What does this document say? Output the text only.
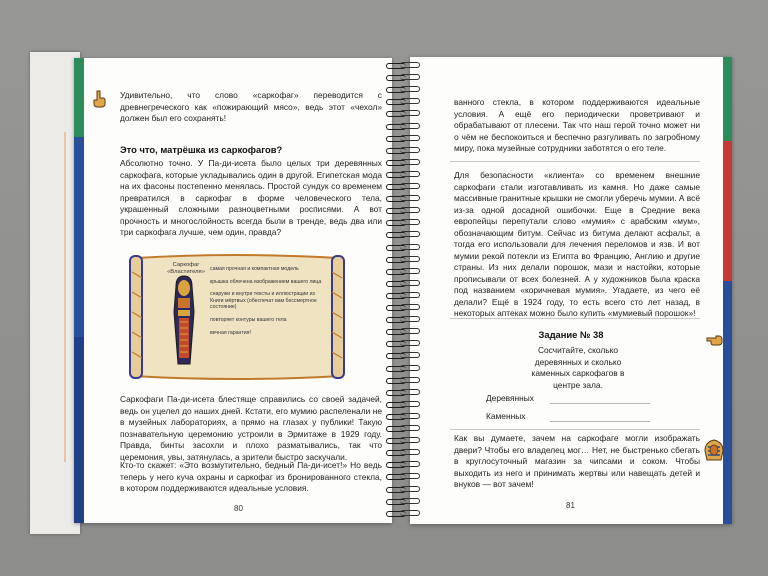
Удивительно, что слово «саркофаг» переводится с древнегреческого как «пожирающий мясо», ведь этот «чехол» должен был его сохранять!
Это что, матрёшка из саркофагов?
Абсолютно точно. У Па-ди-исета было целых три деревянных саркофага, которые укладывались один в другой. Египетская мода на их фасоны постепенно менялась. Простой сундук со временем превратился в саркофаг в форме человеческого тела, украшенный сложными разноцветными росписями. А вот прочность и многослойность всегда были в тренде, ведь два или три саркофага лучше, чем один, правда?
Саркофаги Па-ди-исета блестяще справились со своей задачей, ведь он уцелел до наших дней. Кстати, его мумию распеленали не в музейных лабораториях, а прямо на глазах у публики! Такую познавательную церемонию устроили в Эрмитаже в 1929 году. Правда, бинты засохли и плохо разматывались, так что церемония, увы, затянулась, а зрители быстро заскучали.
Кто-то скажет: «Это возмутительно, бедный Па-ди-исет!» Но ведь теперь у него куча охраны и саркофаг из бронированного стекла, в котором поддерживаются идеальные условия.
80
Саркофаг «Властителя» самая прочная и компактная модель
крышка облечена изображением вашего лица
снаружи и внутри тексты и иллюстрации из Книги мёртвых (обеспечат вам бессмертное состояние)
повторяет контуры вашего тела
вечная гарантия!
ванного стекла, в котором поддерживаются идеальные условия. А ещё его периодически проветривают и обрабатывают от плесени. Так что наш герой точно может ни о чём не беспокоиться и беспечно разгуливать по загробному миру, пока музейные сотрудники заботятся о его теле.
Для безопасности «клиента» со временем внешние саркофаги стали изготавливать из камня. Но даже самые массивные гранитные крышки не смогли уберечь мумии. А всё из-за одной досадной ошибочки. Еще в Средние века европейцы перепутали слово «мумия» с арабским «мум», обозначающим битум. Сейчас из битума делают асфальт, а тогда его использовали для лечения переломов и язв. И вот мумии рекой потекли из Египта во Францию, Англию и другие страны. Из них делали порошок, мази и настойки, которые прописывали от всех болезней. А у художников была краска под названием «коричневая мумия». Угадаете, из чего её делали? Ещё в 1924 году, то есть всего сто лет назад, в некоторых аптеках можно было купить «мумиевый порошок»!
Задание № 38
Сосчитайте, сколько деревянных и сколько каменных саркофагов в центре зала.
Деревянных
Каменных
Как вы думаете, зачем на саркофаге могли изображать двери? Чтобы его владелец мог… Нет, не быстренько сбегать в круглосуточный магазин за чипсами и соком. Чтобы выходить из него и принимать жертвы или навещать детей и внуков — вот зачем!
81
